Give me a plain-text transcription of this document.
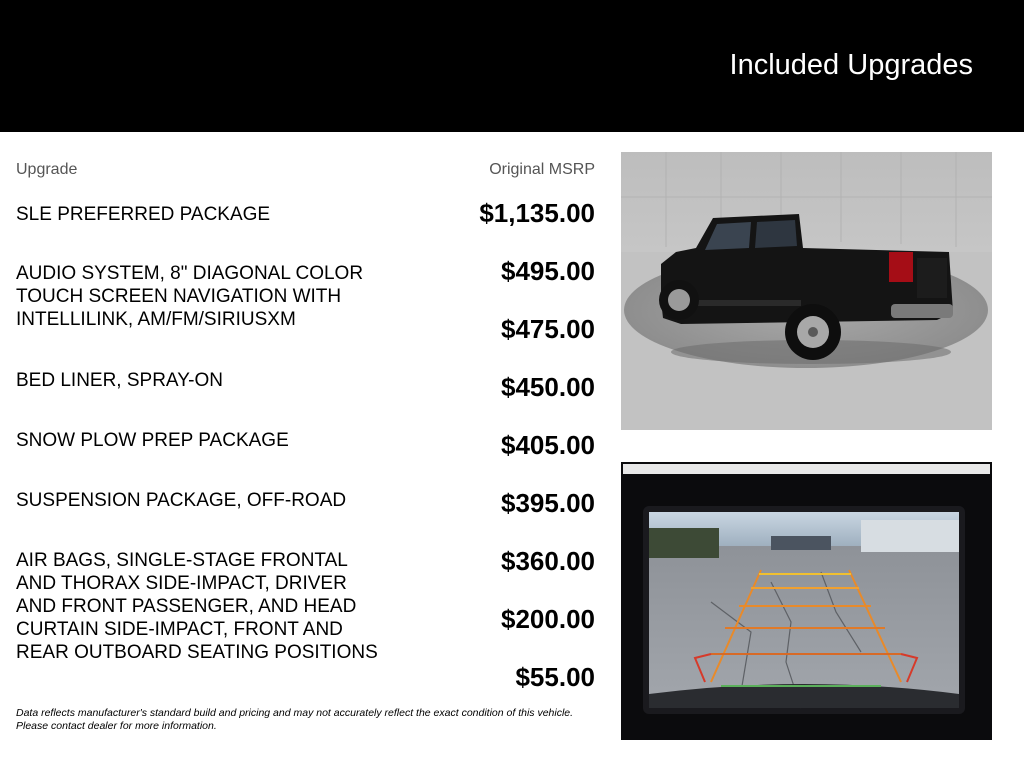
Included Upgrades
Upgrade	Original MSRP
SLE PREFERRED PACKAGE
AUDIO SYSTEM, 8" DIAGONAL COLOR TOUCH SCREEN NAVIGATION WITH INTELLILINK, AM/FM/SIRIUSXM
BED LINER, SPRAY-ON
SNOW PLOW PREP PACKAGE
SUSPENSION PACKAGE, OFF-ROAD
AIR BAGS, SINGLE-STAGE FRONTAL AND THORAX SIDE-IMPACT, DRIVER AND FRONT PASSENGER, AND HEAD CURTAIN SIDE-IMPACT, FRONT AND REAR OUTBOARD SEATING POSITIONS
$1,135.00
$495.00
$475.00
$450.00
$405.00
$395.00
$360.00
$200.00
$55.00
Data reflects manufacturer's standard build and pricing and may not accurately reflect the exact condition of this vehicle. Please contact dealer for more information.
